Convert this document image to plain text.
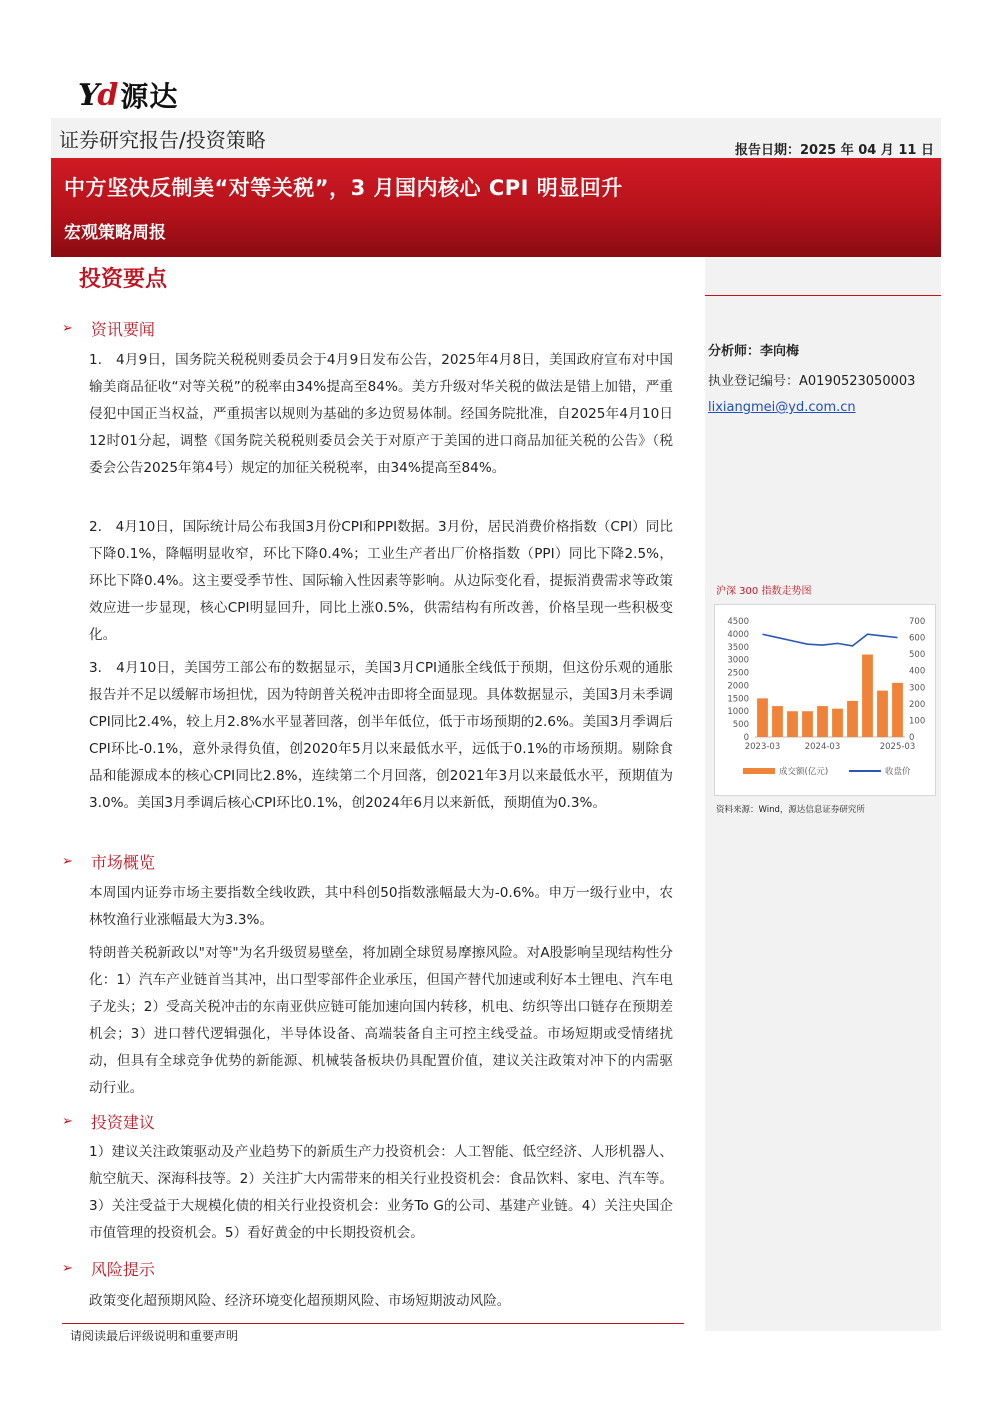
Yd 源达
证券研究报告/投资策略	报告日期：2025 年 04 月 11 日
中方坚决反制美“对等关税”，3 月国内核心 CPI 明显回升
宏观策略周报
投资要点
➢ 资讯要闻

1.　4月9日，国务院关税税则委员会于4月9日发布公告，2025年4月8日，美国政府宣布对中国输美商品征收“对等关税”的税率由34%提高至84%。美方升级对华关税的做法是错上加错，严重侵犯中国正当权益，严重损害以规则为基础的多边贸易体制。经国务院批准，自2025年4月10日12时01分起，调整《国务院关税税则委员会关于对原产于美国的进口商品加征关税的公告》（税委会公告2025年第4号）规定的加征关税税率，由34%提高至84%。

2.　4月10日，国际统计局公布我国3月份CPI和PPI数据。3月份，居民消费价格指数（CPI）同比下降0.1%，降幅明显收窄，环比下降0.4%；工业生产者出厂价格指数（PPI）同比下降2.5%，环比下降0.4%。这主要受季节性、国际输入性因素等影响。从边际变化看，提振消费需求等政策效应进一步显现，核心CPI明显回升，同比上涨0.5%，供需结构有所改善，价格呈现一些积极变化。

3.　4月10日，美国劳工部公布的数据显示，美国3月CPI通胀全线低于预期，但这份乐观的通胀报告并不足以缓解市场担忧，因为特朗普关税冲击即将全面显现。具体数据显示，美国3月未季调CPI同比2.4%，较上月2.8%水平显著回落，创半年低位，低于市场预期的2.6%。美国3月季调后CPI环比-0.1%，意外录得负值，创2020年5月以来最低水平，远低于0.1%的市场预期。剔除食品和能源成本的核心CPI同比2.8%，连续第二个月回落，创2021年3月以来最低水平，预期值为3.0%。美国3月季调后核心CPI环比0.1%，创2024年6月以来新低，预期值为0.3%。

➢ 市场概览

本周国内证券市场主要指数全线收跌，其中科创50指数涨幅最大为-0.6%。申万一级行业中，农林牧渔行业涨幅最大为3.3%。

特朗普关税新政以"对等"为名升级贸易壁垒，将加剧全球贸易摩擦风险。对A股影响呈现结构性分化：1）汽车产业链首当其冲，出口型零部件企业承压，但国产替代加速或利好本土锂电、汽车电子龙头；2）受高关税冲击的东南亚供应链可能加速向国内转移，机电、纺织等出口链存在预期差机会；3）进口替代逻辑强化，半导体设备、高端装备自主可控主线受益。市场短期或受情绪扰动，但具有全球竞争优势的新能源、机械装备板块仍具配置价值，建议关注政策对冲下的内需驱动行业。

➢ 投资建议

1）建议关注政策驱动及产业趋势下的新质生产力投资机会：人工智能、低空经济、人形机器人、航空航天、深海科技等。2）关注扩大内需带来的相关行业投资机会：食品饮料、家电、汽车等。3）关注受益于大规模化债的相关行业投资机会：业务To G的公司、基建产业链。4）关注央国企市值管理的投资机会。5）看好黄金的中长期投资机会。

➢ 风险提示

政策变化超预期风险、经济环境变化超预期风险、市场短期波动风险。

分析师：李向梅
执业登记编号：A0190523050003
lixiangmei@yd.com.cn
沪深 300 指数走势图
4500
4000
3500
3000
2500
2000
1500
1000
500
0
700
600
500
400
300
200
100
0
2023-03	2024-03	2025-03
成交额(亿元)	收盘价
资料来源：Wind，源达信息证券研究所
请阅读最后评级说明和重要声明
